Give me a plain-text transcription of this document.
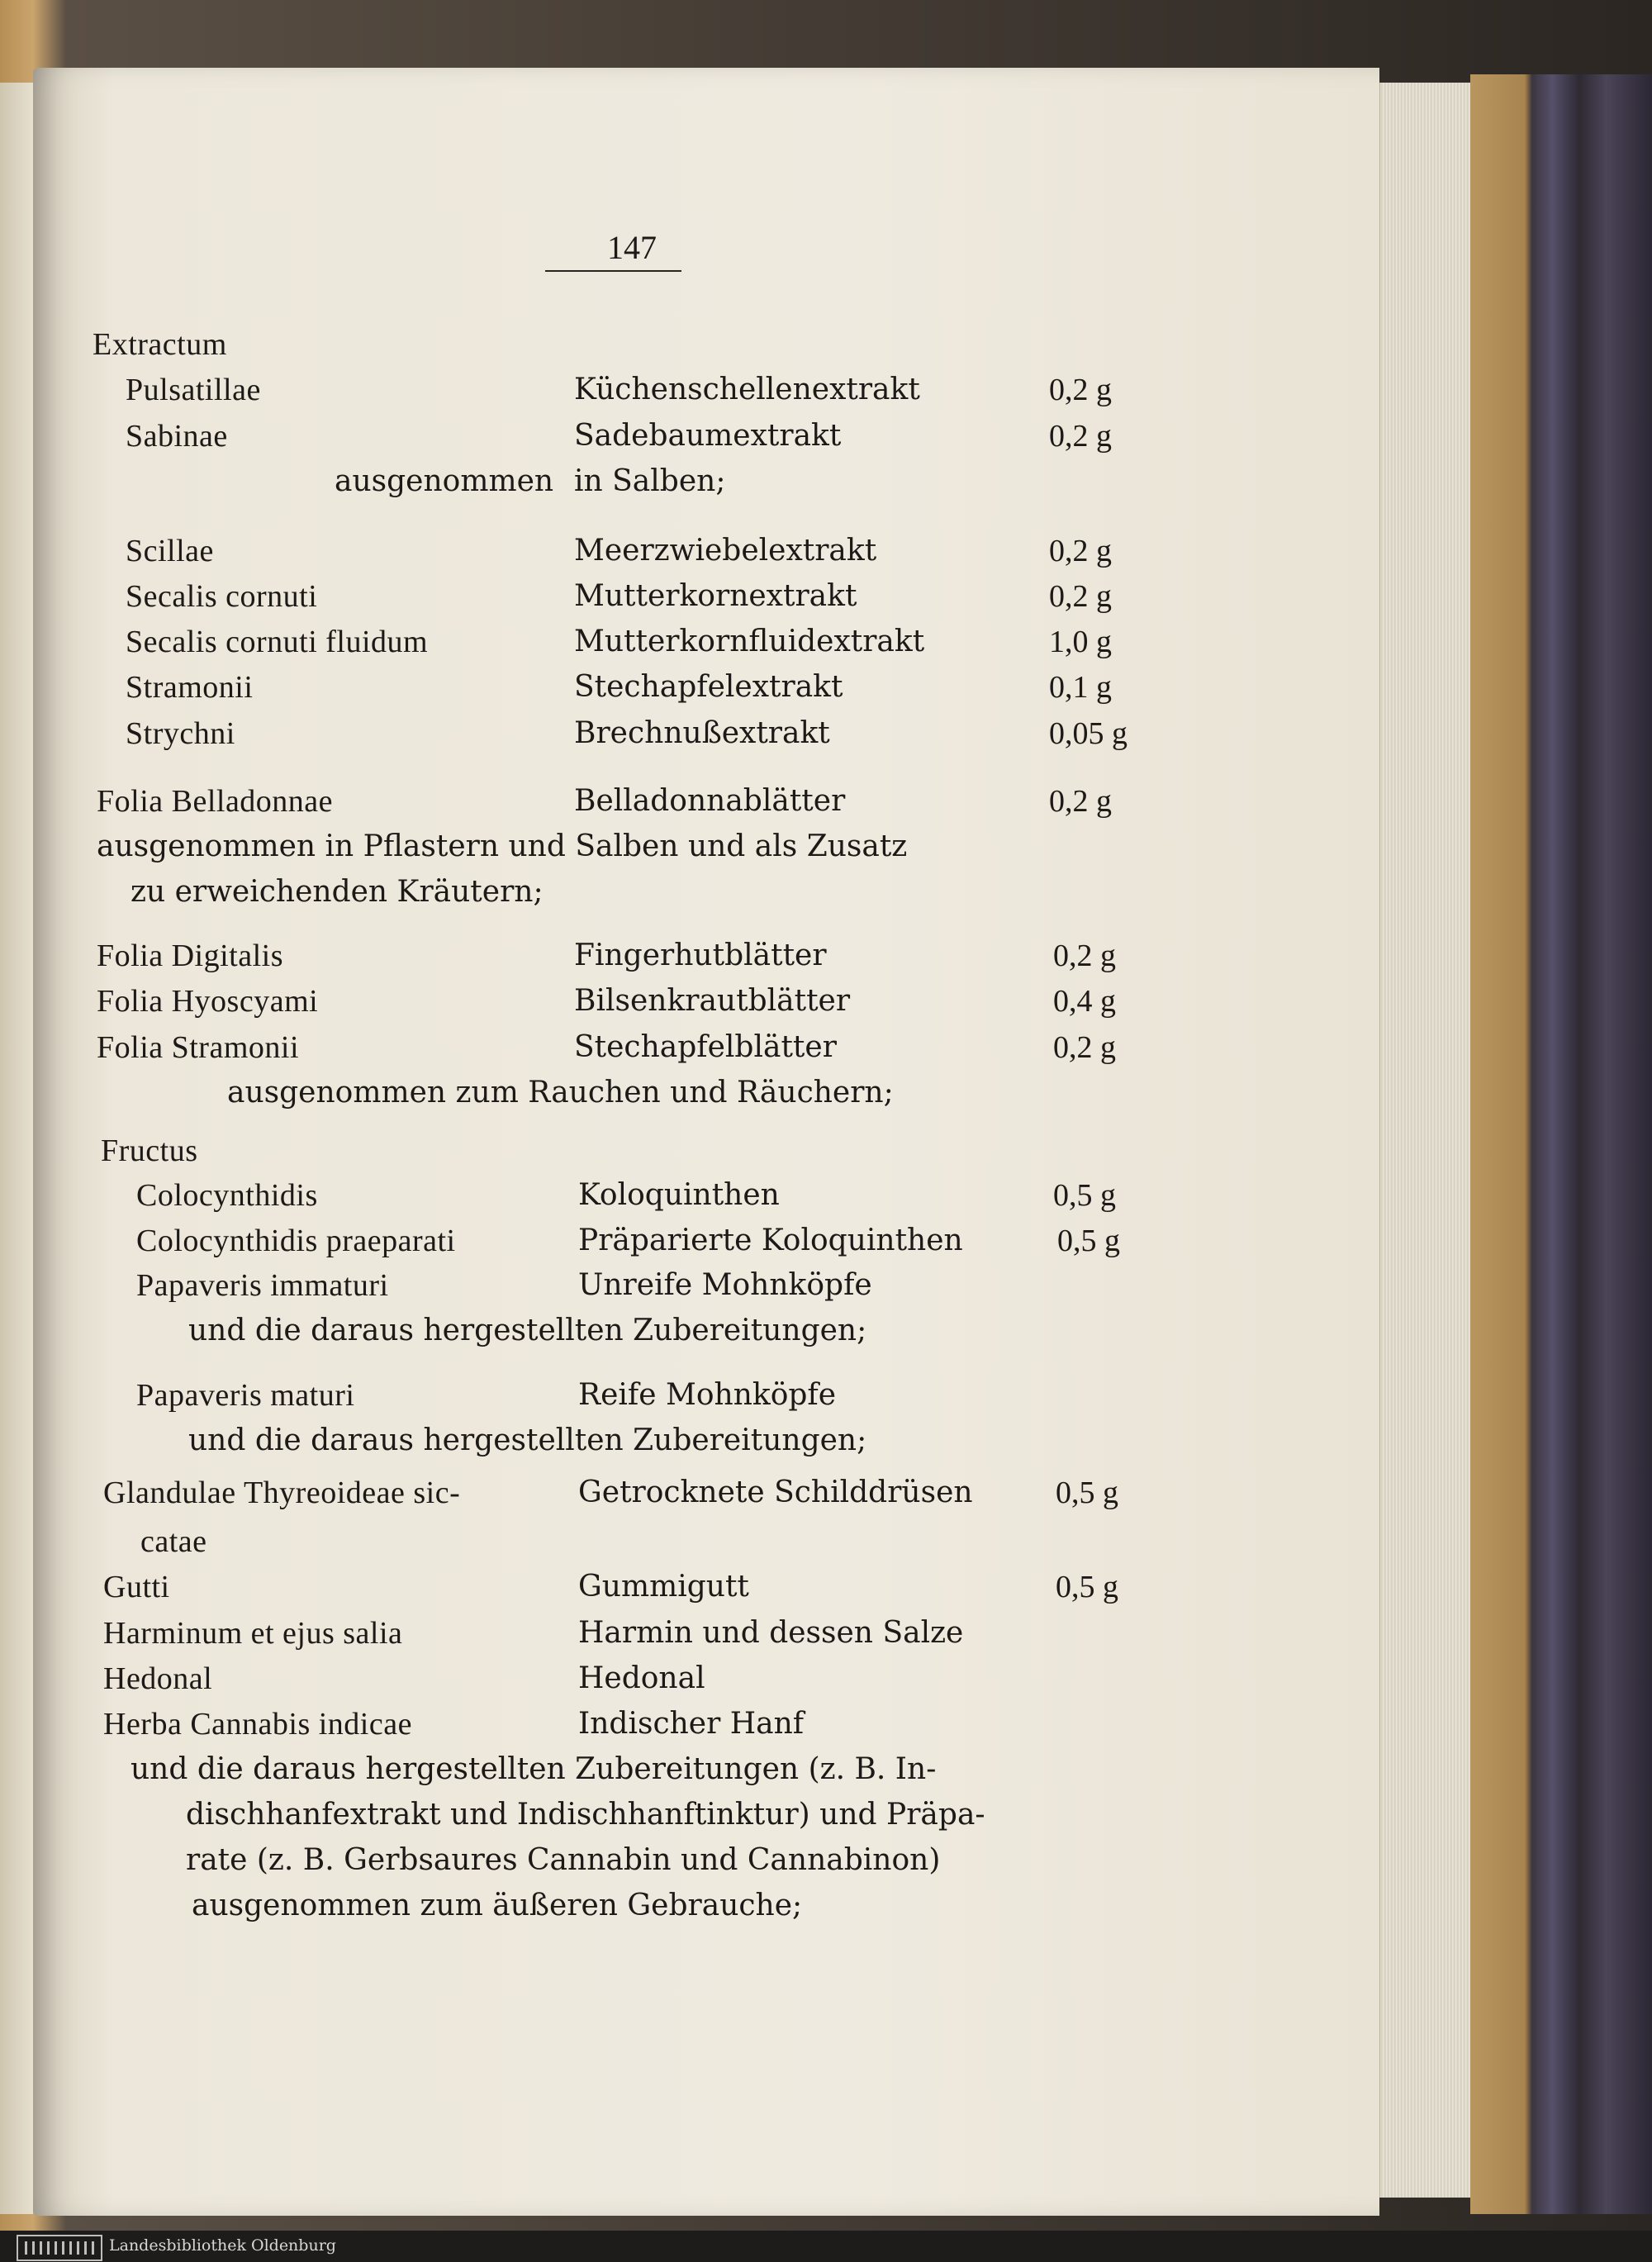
147
Extractum
Pulsatillae	Küchenschellenextrakt	0,2 g
Sabinae	Sadebaumextrakt	0,2 g
ausgenommen in Salben;
Scillae	Meerzwiebelextrakt	0,2 g
Secalis cornuti	Mutterkornextrakt	0,2 g
Secalis cornuti fluidum	Mutterkornfluidextrakt	1,0 g
Stramonii	Stechapfelextrakt	0,1 g
Strychni	Brechnußextrakt	0,05 g
Folia Belladonnae	Belladonnablätter	0,2 g
ausgenommen in Pflastern und Salben und als Zusatz
zu erweichenden Kräutern;
Folia Digitalis	Fingerhutblätter	0,2 g
Folia Hyoscyami	Bilsenkrautblätter	0,4 g
Folia Stramonii	Stechapfelblätter	0,2 g
ausgenommen zum Rauchen und Räuchern;
Fructus
Colocynthidis	Koloquinthen	0,5 g
Colocynthidis praeparati	Präparierte Koloquinthen	0,5 g
Papaveris immaturi	Unreife Mohnköpfe
und die daraus hergestellten Zubereitungen;
Papaveris maturi	Reife Mohnköpfe
und die daraus hergestellten Zubereitungen;
Glandulae Thyreoideae sic-	Getrocknete Schilddrüsen	0,5 g
catae
Gutti	Gummigutt	0,5 g
Harminum et ejus salia	Harmin und dessen Salze
Hedonal	Hedonal
Herba Cannabis indicae	Indischer Hanf
und die daraus hergestellten Zubereitungen (z. B. In-
dischhanfextrakt und Indischhanftinktur) und Präpa-
rate (z. B. Gerbsaures Cannabin und Cannabinon)
ausgenommen zum äußeren Gebrauche;
Landesbibliothek Oldenburg
